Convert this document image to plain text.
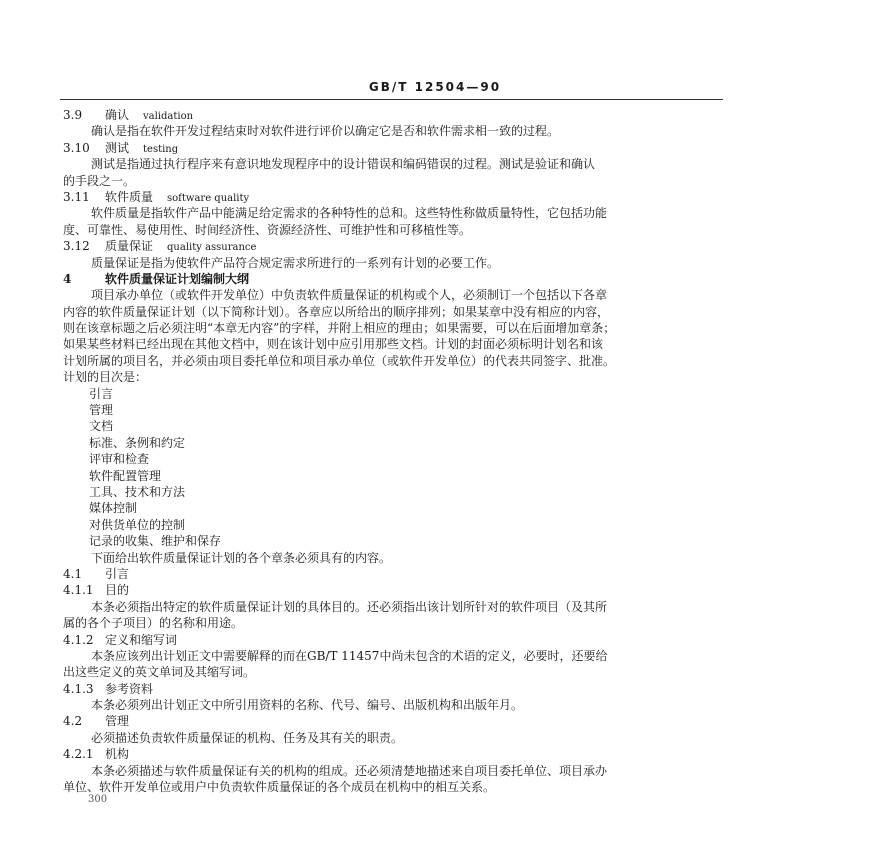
GB/T 12504—90
3.9 确认 validation
确认是指在软件开发过程结束时对软件进行评价以确定它是否和软件需求相一致的过程。
3.10 测试 testing
测试是指通过执行程序来有意识地发现程序中的设计错误和编码错误的过程。测试是验证和确认
的手段之一。
3.11 软件质量 software quality
软件质量是指软件产品中能满足给定需求的各种特性的总和。这些特性称做质量特性，它包括功能
度、可靠性、易使用性、时间经济性、资源经济性、可维护性和可移植性等。
3.12 质量保证 quality assurance
质量保证是指为使软件产品符合规定需求所进行的一系列有计划的必要工作。
4	软件质量保证计划编制大纲
项目承办单位（或软件开发单位）中负责软件质量保证的机构或个人，必须制订一个包括以下各章
内容的软件质量保证计划（以下简称计划）。各章应以所给出的顺序排列；如果某章中没有相应的内容，
则在该章标题之后必须注明“本章无内容”的字样，并附上相应的理由；如果需要，可以在后面增加章条；
如果某些材料已经出现在其他文档中，则在该计划中应引用那些文档。计划的封面必须标明计划名和该
计划所属的项目名，并必须由项目委托单位和项目承办单位（或软件开发单位）的代表共同签字、批准。
计划的目次是：
引言
管理
文档
标准、条例和约定
评审和检查
软件配置管理
工具、技术和方法
媒体控制
对供货单位的控制
记录的收集、维护和保存
下面给出软件质量保证计划的各个章条必须具有的内容。
4.1 引言
4.1.1 目的
本条必须指出特定的软件质量保证计划的具体目的。还必须指出该计划所针对的软件项目（及其所
属的各个子项目）的名称和用途。
4.1.2 定义和缩写词
本条应该列出计划正文中需要解释的而在GB/T 11457中尚未包含的术语的定义，必要时，还要给
出这些定义的英文单词及其缩写词。
4.1.3 参考资料
本条必须列出计划正文中所引用资料的名称、代号、编号、出版机构和出版年月。
4.2 管理
必须描述负责软件质量保证的机构、任务及其有关的职责。
4.2.1 机构
本条必须描述与软件质量保证有关的机构的组成。还必须清楚地描述来自项目委托单位、项目承办
单位、软件开发单位或用户中负责软件质量保证的各个成员在机构中的相互关系。
300
